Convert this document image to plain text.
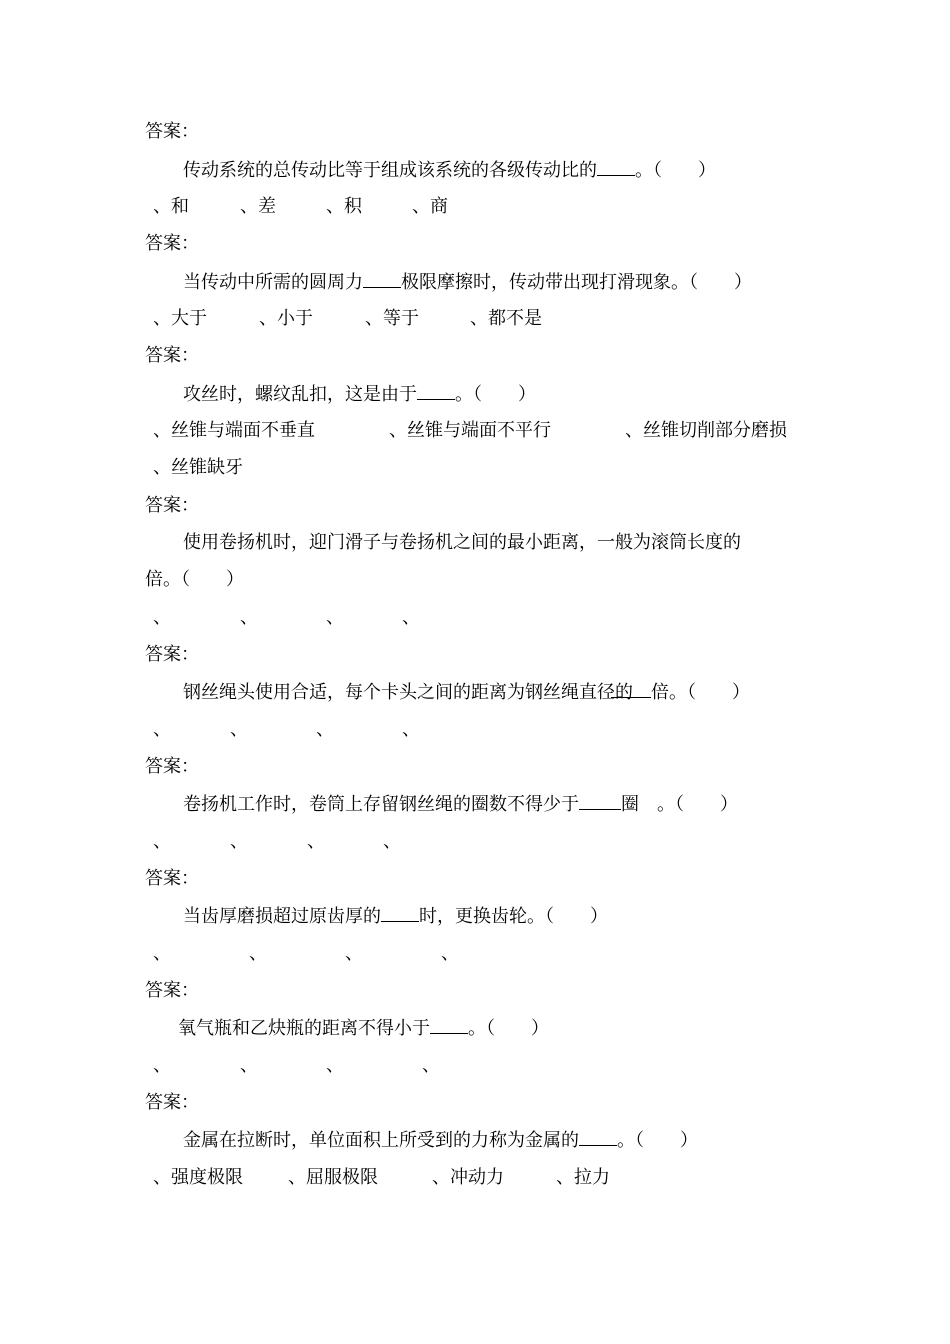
答案：
传动系统的总传动比等于组成该系统的各级传动比的 。（　　）
、和	、差	、积	、商
答案：
当传动中所需的圆周力 极限摩擦时，传动带出现打滑现象。（　　）
、大于	、小于	、等于	、都不是
答案：
攻丝时，螺纹乱扣，这是由于 。（　　）
、丝锥与端面不垂直	、丝锥与端面不平行	、丝锥切削部分磨损
、丝锥缺牙
答案：
使用卷扬机时，迎门滑子与卷扬机之间的最小距离，一般为滚筒长度的
倍。（　　）
、	、	、	、
答案：
钢丝绳头使用合适，每个卡头之间的距离为钢丝绳直径的 倍。（　　）
、	、	、	、
答案：
卷扬机工作时，卷筒上存留钢丝绳的圈数不得少于 圈　。（　　）
、	、	、	、
答案：
当齿厚磨损超过原齿厚的 时，更换齿轮。（　　）
、	、	、	、
答案：
氧气瓶和乙炔瓶的距离不得小于 。（　　）
、	、	、	、
答案：
金属在拉断时，单位面积上所受到的力称为金属的 。（　　）
、强度极限	、屈服极限	、冲动力	、拉力
